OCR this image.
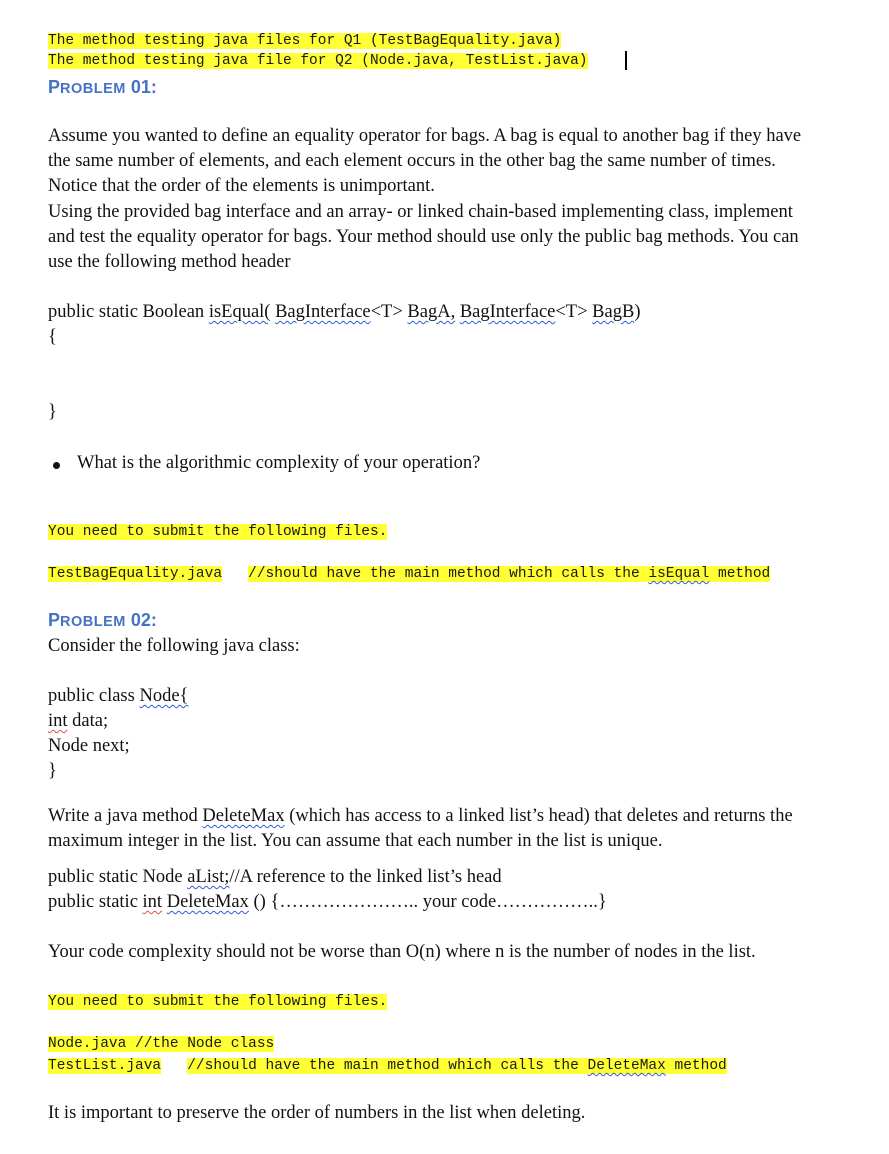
The method testing java files for Q1 (TestBagEquality.java)
The method testing java file for Q2 (Node.java, TestList.java)
PROBLEM 01:
Assume you wanted to define an equality operator for bags. A bag is equal to another bag if they have the same number of elements, and each element occurs in the other bag the same number of times. Notice that the order of the elements is unimportant.
Using the provided bag interface and an array- or linked chain-based implementing class, implement and test the equality operator for bags. Your method should use only the public bag methods. You can use the following method header
public static Boolean isEqual( BagInterface<T> BagA, BagInterface<T> BagB)
{
}
What is the algorithmic complexity of your operation?
You need to submit the following files.
TestBagEquality.java //should have the main method which calls the isEqual method
PROBLEM 02:
Consider the following java class:
public class Node{
int data;
Node next;
}
Write a java method DeleteMax (which has access to a linked list’s head) that deletes and returns the maximum integer in the list. You can assume that each number in the list is unique.
public static Node aList;//A reference to the linked list’s head
public static int DeleteMax () {………………….. your code……………..}
Your code complexity should not be worse than O(n) where n is the number of nodes in the list.
You need to submit the following files.
Node.java //the Node class
TestList.java //should have the main method which calls the DeleteMax method
It is important to preserve the order of numbers in the list when deleting.
